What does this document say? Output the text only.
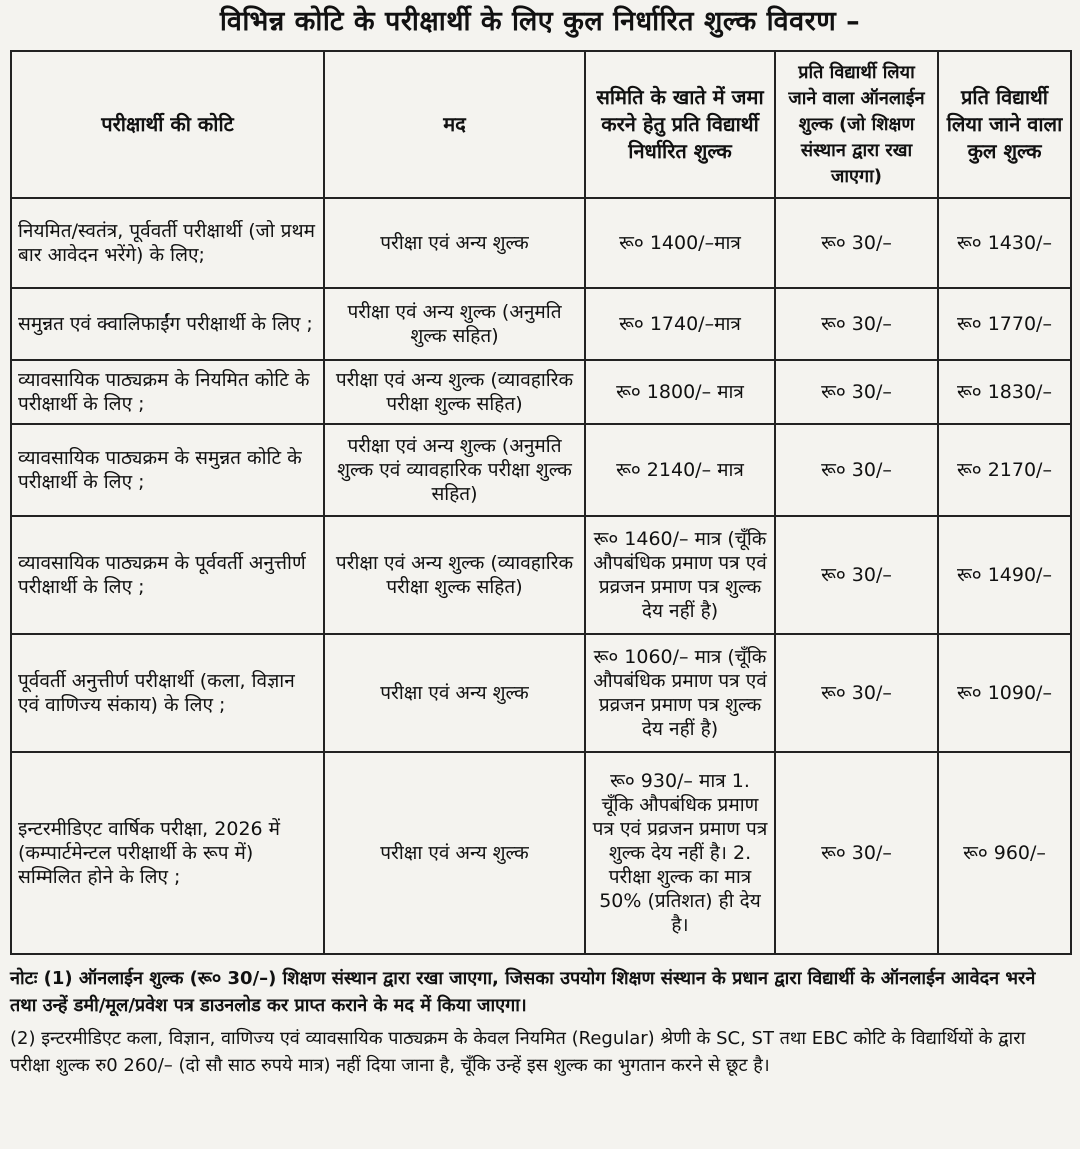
विभिन्न कोटि के परीक्षार्थी के लिए कुल निर्धारित शुल्क विवरण –
परीक्षार्थी की कोटि	मद	समिति के खाते में जमा करने हेतु प्रति विद्यार्थी निर्धारित शुल्क	प्रति विद्यार्थी लिया जाने वाला ऑनलाईन शुल्क (जो शिक्षण संस्थान द्वारा रखा जाएगा)	प्रति विद्यार्थी लिया जाने वाला कुल शुल्क
नियमित/स्वतंत्र, पूर्ववर्ती परीक्षार्थी (जो प्रथम बार आवेदन भरेंगे) के लिए;	परीक्षा एवं अन्य शुल्क	रू० 1400/–मात्र	रू० 30/–	रू० 1430/–
समुन्नत एवं क्वालिफाईंग परीक्षार्थी के लिए ;	परीक्षा एवं अन्य शुल्क (अनुमति शुल्क सहित)	रू० 1740/–मात्र	रू० 30/–	रू० 1770/–
व्यावसायिक पाठ्यक्रम के नियमित कोटि के परीक्षार्थी के लिए ;	परीक्षा एवं अन्य शुल्क (व्यावहारिक परीक्षा शुल्क सहित)	रू० 1800/– मात्र	रू० 30/–	रू० 1830/–
व्यावसायिक पाठ्यक्रम के समुन्नत कोटि के परीक्षार्थी के लिए ;	परीक्षा एवं अन्य शुल्क (अनुमति शुल्क एवं व्यावहारिक परीक्षा शुल्क सहित)	रू० 2140/– मात्र	रू० 30/–	रू० 2170/–
व्यावसायिक पाठ्यक्रम के पूर्ववर्ती अनुत्तीर्ण परीक्षार्थी के लिए ;	परीक्षा एवं अन्य शुल्क (व्यावहारिक परीक्षा शुल्क सहित)	रू० 1460/– मात्र (चूँकि औपबंधिक प्रमाण पत्र एवं प्रव्रजन प्रमाण पत्र शुल्क देय नहीं है)	रू० 30/–	रू० 1490/–
पूर्ववर्ती अनुत्तीर्ण परीक्षार्थी (कला, विज्ञान एवं वाणिज्य संकाय) के लिए ;	परीक्षा एवं अन्य शुल्क	रू० 1060/– मात्र (चूँकि औपबंधिक प्रमाण पत्र एवं प्रव्रजन प्रमाण पत्र शुल्क देय नहीं है)	रू० 30/–	रू० 1090/–
इन्टरमीडिएट वार्षिक परीक्षा, 2026 में (कम्पार्टमेन्टल परीक्षार्थी के रूप में) सम्मिलित होने के लिए ;	परीक्षा एवं अन्य शुल्क	रू० 930/– मात्र 1. चूँकि औपबंधिक प्रमाण पत्र एवं प्रव्रजन प्रमाण पत्र शुल्क देय नहीं है। 2. परीक्षा शुल्क का मात्र 50% (प्रतिशत) ही देय है।	रू० 30/–	रू० 960/–

नोटः (1) ऑनलाईन शुल्क (रू० 30/–) शिक्षण संस्थान द्वारा रखा जाएगा, जिसका उपयोग शिक्षण संस्थान के प्रधान द्वारा विद्यार्थी के ऑनलाईन आवेदन भरने तथा उन्हें डमी/मूल/प्रवेश पत्र डाउनलोड कर प्राप्त कराने के मद में किया जाएगा।

(2) इन्टरमीडिएट कला, विज्ञान, वाणिज्य एवं व्यावसायिक पाठ्यक्रम के केवल नियमित (Regular) श्रेणी के SC, ST तथा EBC कोटि के विद्यार्थियों के द्वारा परीक्षा शुल्क रु0 260/– (दो सौ साठ रुपये मात्र) नहीं दिया जाना है, चूँकि उन्हें इस शुल्क का भुगतान करने से छूट है।
